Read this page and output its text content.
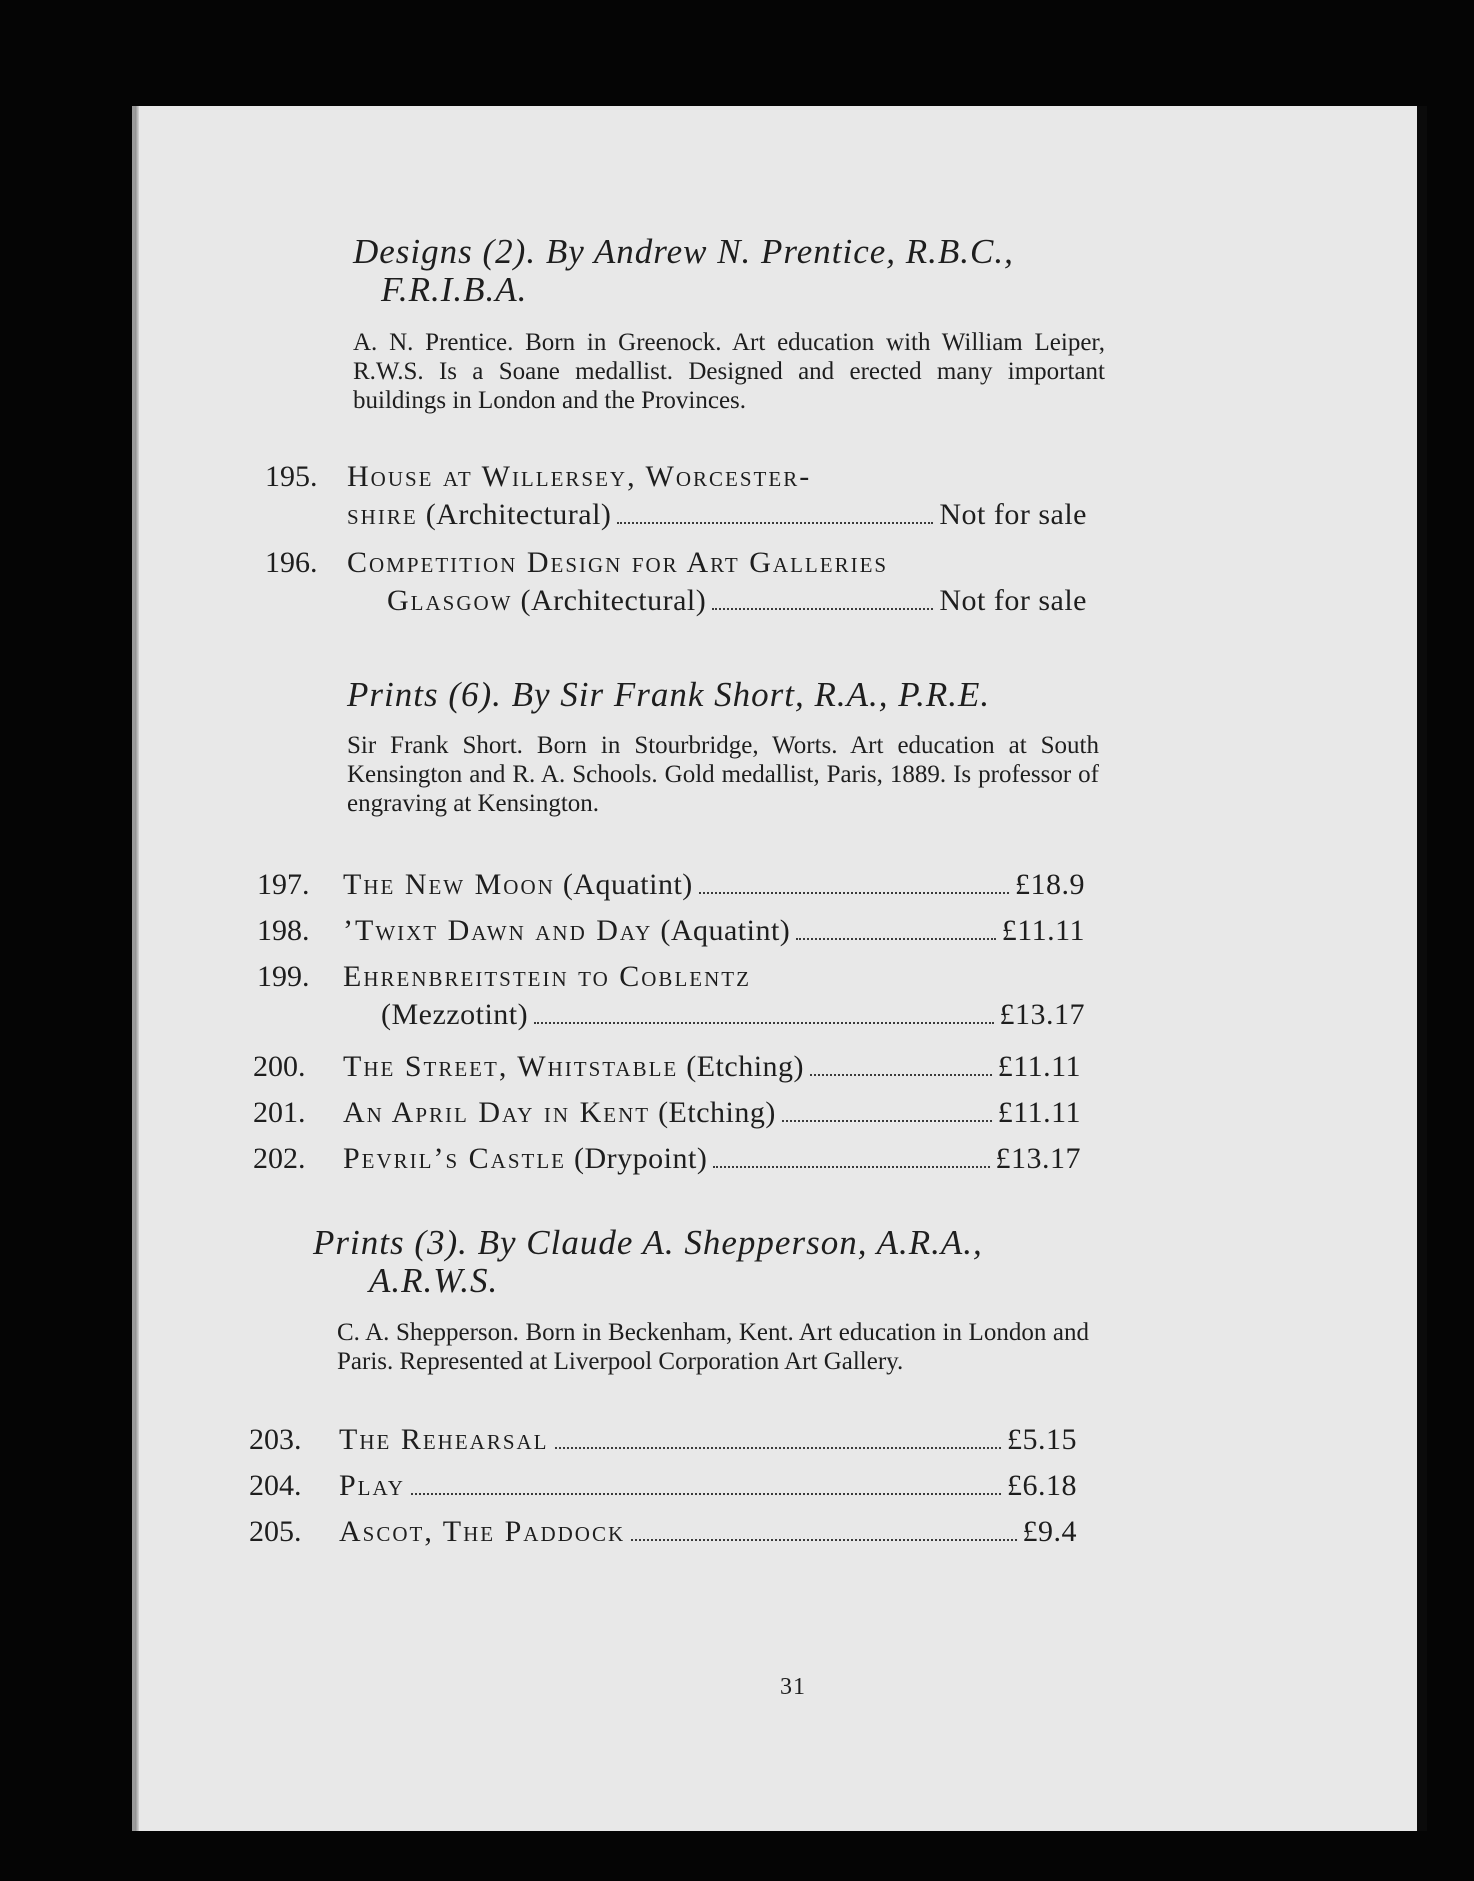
Designs (2). By Andrew N. Prentice, R.B.C.,
F.R.I.B.A.

A. N. Prentice. Born in Greenock. Art education with William Leiper, R.W.S. Is a Soane medallist. Designed and erected many important buildings in London and the Provinces.

195. House at Willersey, Worcester-
shire (Architectural)	Not for sale
196. Competition Design for Art Galleries
Glasgow (Architectural)	Not for sale
Prints (6). By Sir Frank Short, R.A., P.R.E.

Sir Frank Short. Born in Stourbridge, Worts. Art education at South Kensington and R. A. Schools. Gold medallist, Paris, 1889. Is professor of engraving at Kensington.

197. The New Moon (Aquatint)	£18.9
198. ’Twixt Dawn and Day (Aquatint)	£11.11
199. Ehrenbreitstein to Coblentz
(Mezzotint)	£13.17
200. The Street, Whitstable (Etching)	£11.11
201. An April Day in Kent (Etching)	£11.11
202. Pevril’s Castle (Drypoint)	£13.17
Prints (3). By Claude A. Shepperson, A.R.A.,
A.R.W.S.

C. A. Shepperson. Born in Beckenham, Kent. Art education in London and Paris. Represented at Liverpool Corporation Art Gallery.

203. The Rehearsal	£5.15
204. Play	£6.18
205. Ascot, The Paddock	£9.4
31
